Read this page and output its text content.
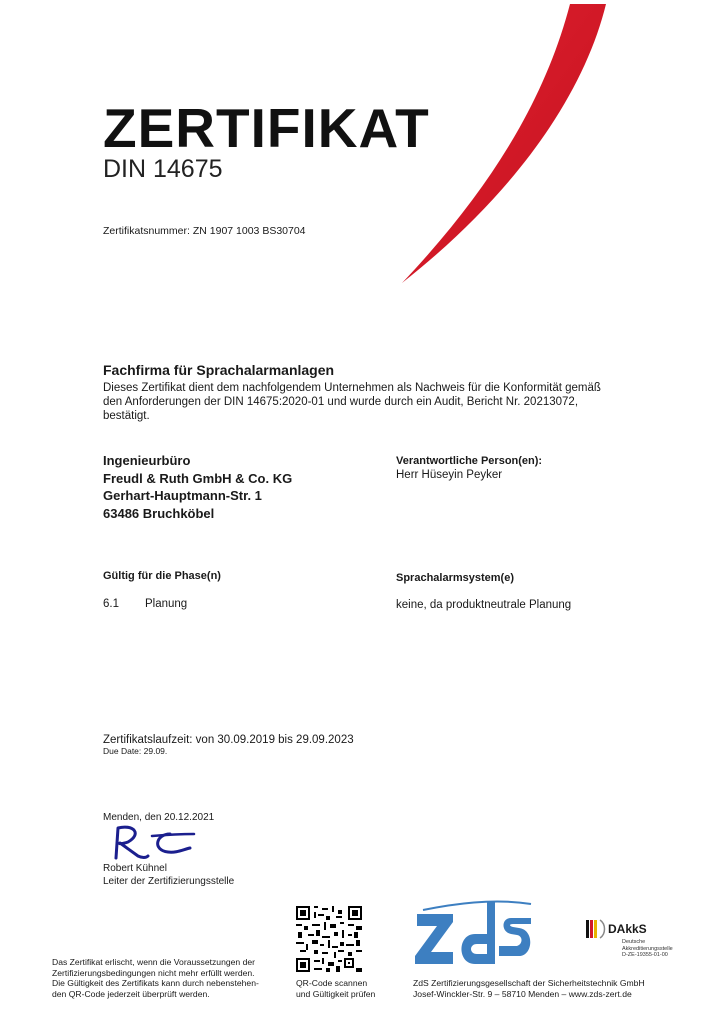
ZERTIFIKAT
DIN 14675
Zertifikatsnummer: ZN 1907 1003 BS30704
Fachfirma für Sprachalarmanlagen
Dieses Zertifikat dient dem nachfolgendem Unternehmen als Nachweis für die Konformität gemäß
den Anforderungen der DIN 14675:2020-01 und wurde durch ein Audit, Bericht Nr. 20213072,
bestätigt.
Ingenieurbüro
Freudl & Ruth GmbH & Co. KG
Gerhart-Hauptmann-Str. 1
63486 Bruchköbel
Verantwortliche Person(en):
Herr Hüseyin Peyker
Gültig für die Phase(n)
6.1 Planung
Sprachalarmsystem(e)
keine, da produktneutrale Planung
Zertifikatslaufzeit: von 30.09.2019 bis 29.09.2023
Due Date: 29.09.
Menden, den 20.12.2021
Robert Kühnel
Leiter der Zertifizierungsstelle
DAkkS
Deutsche
Akkreditierungsstelle
D-ZE-19355-01-00
Das Zertifikat erlischt, wenn die Voraussetzungen der
Zertifizierungsbedingungen nicht mehr erfüllt werden.
Die Gültigkeit des Zertifikats kann durch nebenstehen-
den QR-Code jederzeit überprüft werden.
QR-Code scannen
und Gültigkeit prüfen
ZdS Zertifizierungsgesellschaft der Sicherheitstechnik GmbH
Josef-Winckler-Str. 9 – 58710 Menden – www.zds-zert.de
